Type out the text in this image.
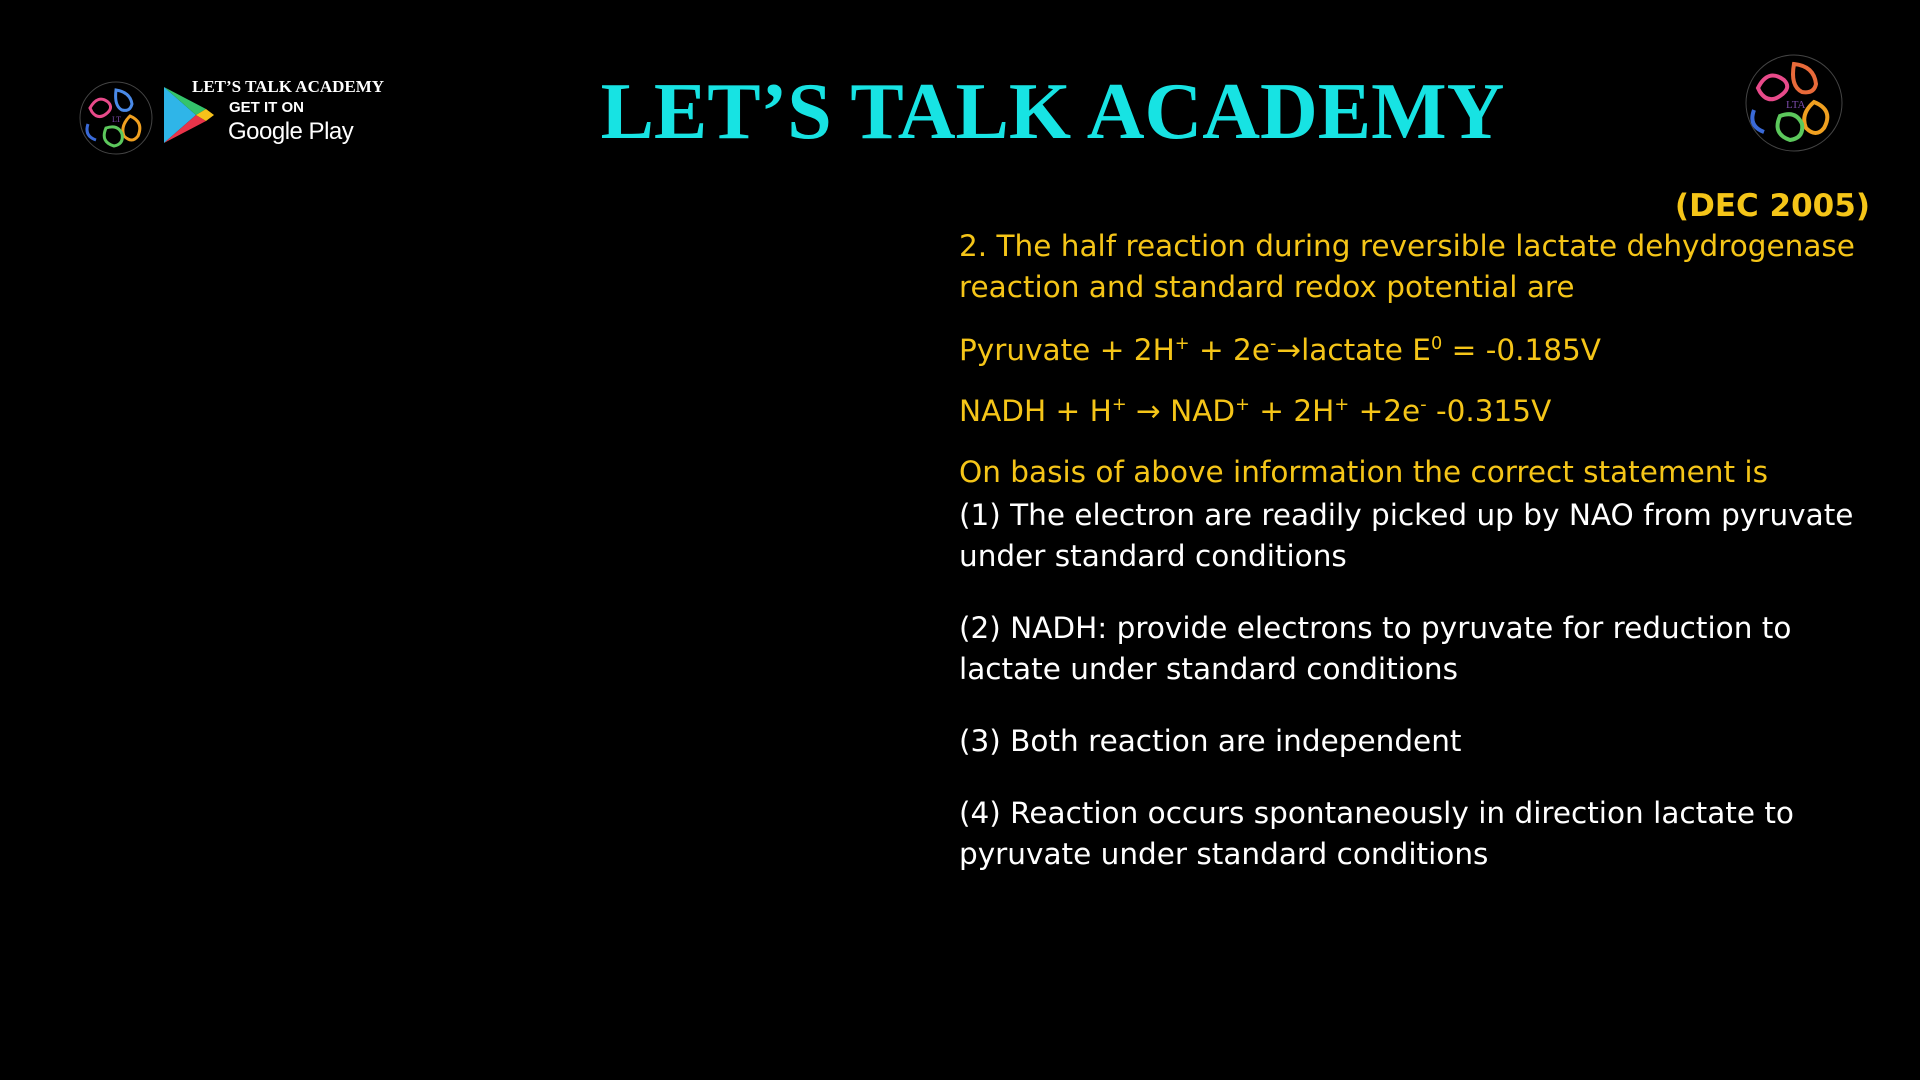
LT
LET’S TALK ACADEMY
GET IT ON
Google Play	LET’S TALK ACADEMY	LTA
(DEC 2005)

2. The half reaction during reversible lactate dehydrogenase reaction and standard redox potential are

Pyruvate + 2H+ + 2e-→lactate $E^0 = -0.185V$

NADH + H+ → NAD+ + 2H+ +2e- -0.315V

On basis of above information the correct statement is

(1) The electron are readily picked up by NAO from pyruvate under standard conditions

(2) NADH: provide electrons to pyruvate for reduction to lactate under standard conditions

(3) Both reaction are independent

(4) Reaction occurs spontaneously in direction lactate to pyruvate under standard conditions
